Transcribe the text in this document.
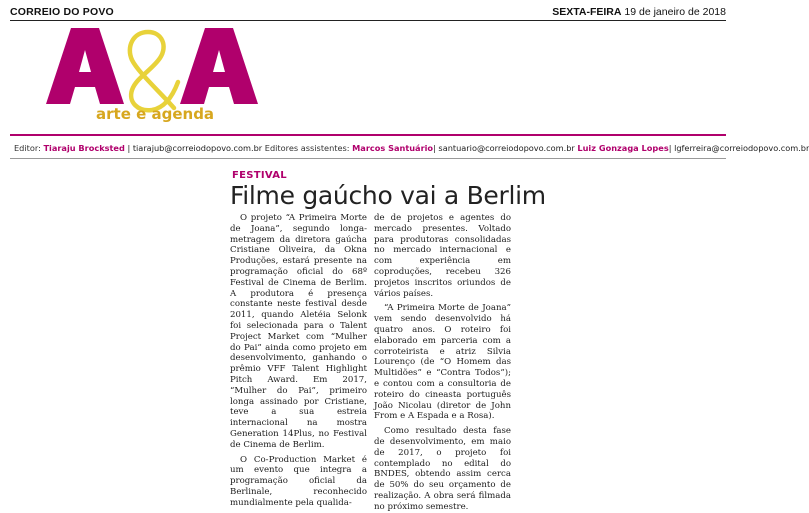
CORREIO DO POVO	SEXTA-FEIRA 19 de janeiro de 2018
arte e agenda
Editor: Tiaraju Brocksted | tiarajub@correiodopovo.com.br Editores assistentes: Marcos Santuário| santuario@correiodopovo.com.br Luiz Gonzaga Lopes| lgferreira@correiodopovo.com.br
FESTIVAL
Filme gaúcho vai a Berlim

O projeto “A Primeira Morte de Joana”, segundo longa-metragem da diretora gaúcha Cristiane Oliveira, da Okna Produções, estará presente na programação oficial do 68º Festival de Cinema de Berlim. A produtora é presença constante neste festival desde 2011, quando Aletéia Selonk foi selecionada para o Talent Project Market com “Mulher do Pai” ainda como projeto em desenvolvimento, ganhando o prêmio VFF Talent Highlight Pitch Award. Em 2017, “Mulher do Pai”, primeiro longa assinado por Cristiane, teve a sua estreia internacional na mostra Generation 14Plus, no Festival de Cinema de Berlim.

O Co-Production Market é um evento que integra a programação oficial da Berlinale, reconhecido mundialmente pela qualida-

de de projetos e agentes do mercado presentes. Voltado para produtoras consolidadas no mercado internacional e com experiência em coproduções, recebeu 326 projetos inscritos oriundos de vários países.

“A Primeira Morte de Joana” vem sendo desenvolvido há quatro anos. O roteiro foi elaborado em parceria com a corroteirista e atriz Silvia Lourenço (de “O Homem das Multidões” e “Contra Todos”); e contou com a consultoria de roteiro do cineasta português João Nicolau (diretor de John From e A Espada e a Rosa).

Como resultado desta fase de desenvolvimento, em maio de 2017, o projeto foi contemplado no edital do BNDES, obtendo assim cerca de 50% do seu orçamento de realização. A obra será filmada no próximo semestre.
